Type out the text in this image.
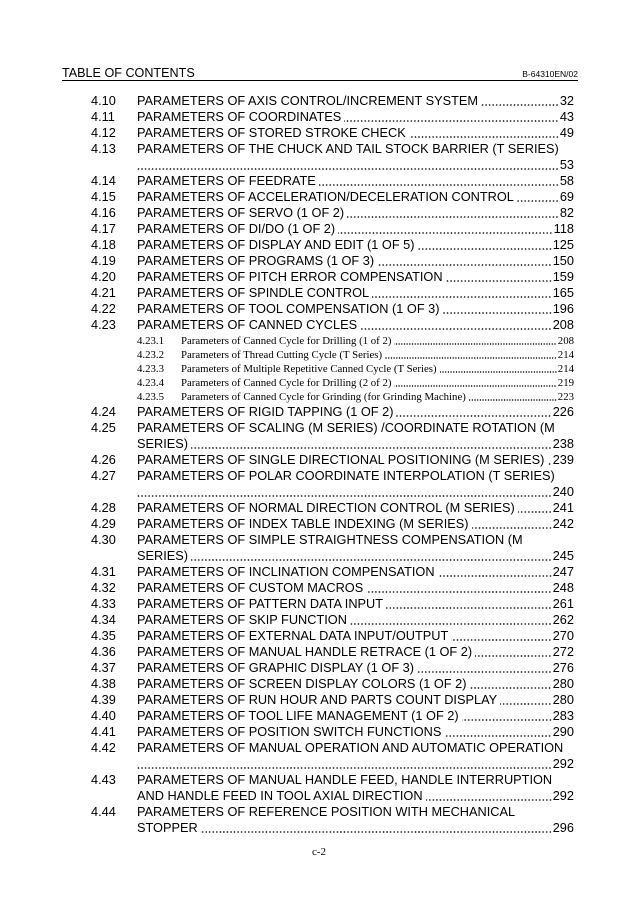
TABLE OF CONTENTS	B-64310EN/02
4.10	PARAMETERS OF AXIS CONTROL/INCREMENT SYSTEM	32
4.11	PARAMETERS OF COORDINATES	43
4.12	PARAMETERS OF STORED STROKE CHECK	49
4.13	PARAMETERS OF THE CHUCK AND TAIL STOCK BARRIER (T SERIES)
53
4.14	PARAMETERS OF FEEDRATE	58
4.15	PARAMETERS OF ACCELERATION/DECELERATION CONTROL	69
4.16	PARAMETERS OF SERVO (1 OF 2)	82
4.17	PARAMETERS OF DI/DO (1 OF 2)	118
4.18	PARAMETERS OF DISPLAY AND EDIT (1 OF 5)	125
4.19	PARAMETERS OF PROGRAMS (1 OF 3)	150
4.20	PARAMETERS OF PITCH ERROR COMPENSATION	159
4.21	PARAMETERS OF SPINDLE CONTROL	165
4.22	PARAMETERS OF TOOL COMPENSATION (1 OF 3)	196
4.23	PARAMETERS OF CANNED CYCLES	208
4.23.1	Parameters of Canned Cycle for Drilling (1 of 2)	208
4.23.2	Parameters of Thread Cutting Cycle (T Series)	214
4.23.3	Parameters of Multiple Repetitive Canned Cycle (T Series)	214
4.23.4	Parameters of Canned Cycle for Drilling (2 of 2)	219
4.23.5	Parameters of Canned Cycle for Grinding (for Grinding Machine)	223
4.24	PARAMETERS OF RIGID TAPPING (1 OF 2)	226
4.25	PARAMETERS OF SCALING (M SERIES) /COORDINATE ROTATION (M
SERIES)	238
4.26	PARAMETERS OF SINGLE DIRECTIONAL POSITIONING (M SERIES) 239
4.27	PARAMETERS OF POLAR COORDINATE INTERPOLATION (T SERIES)
240
4.28	PARAMETERS OF NORMAL DIRECTION CONTROL (M SERIES)	241
4.29	PARAMETERS OF INDEX TABLE INDEXING (M SERIES)	242
4.30	PARAMETERS OF SIMPLE STRAIGHTNESS COMPENSATION (M
SERIES)	245
4.31	PARAMETERS OF INCLINATION COMPENSATION	247
4.32	PARAMETERS OF CUSTOM MACROS	248
4.33	PARAMETERS OF PATTERN DATA INPUT	261
4.34	PARAMETERS OF SKIP FUNCTION	262
4.35	PARAMETERS OF EXTERNAL DATA INPUT/OUTPUT	270
4.36	PARAMETERS OF MANUAL HANDLE RETRACE (1 OF 2)	272
4.37	PARAMETERS OF GRAPHIC DISPLAY (1 OF 3)	276
4.38	PARAMETERS OF SCREEN DISPLAY COLORS (1 OF 2)	280
4.39	PARAMETERS OF RUN HOUR AND PARTS COUNT DISPLAY	280
4.40	PARAMETERS OF TOOL LIFE MANAGEMENT (1 OF 2)	283
4.41	PARAMETERS OF POSITION SWITCH FUNCTIONS	290
4.42	PARAMETERS OF MANUAL OPERATION AND AUTOMATIC OPERATION
292
4.43	PARAMETERS OF MANUAL HANDLE FEED, HANDLE INTERRUPTION
AND HANDLE FEED IN TOOL AXIAL DIRECTION	292
4.44	PARAMETERS OF REFERENCE POSITION WITH MECHANICAL
STOPPER	296
c-2
